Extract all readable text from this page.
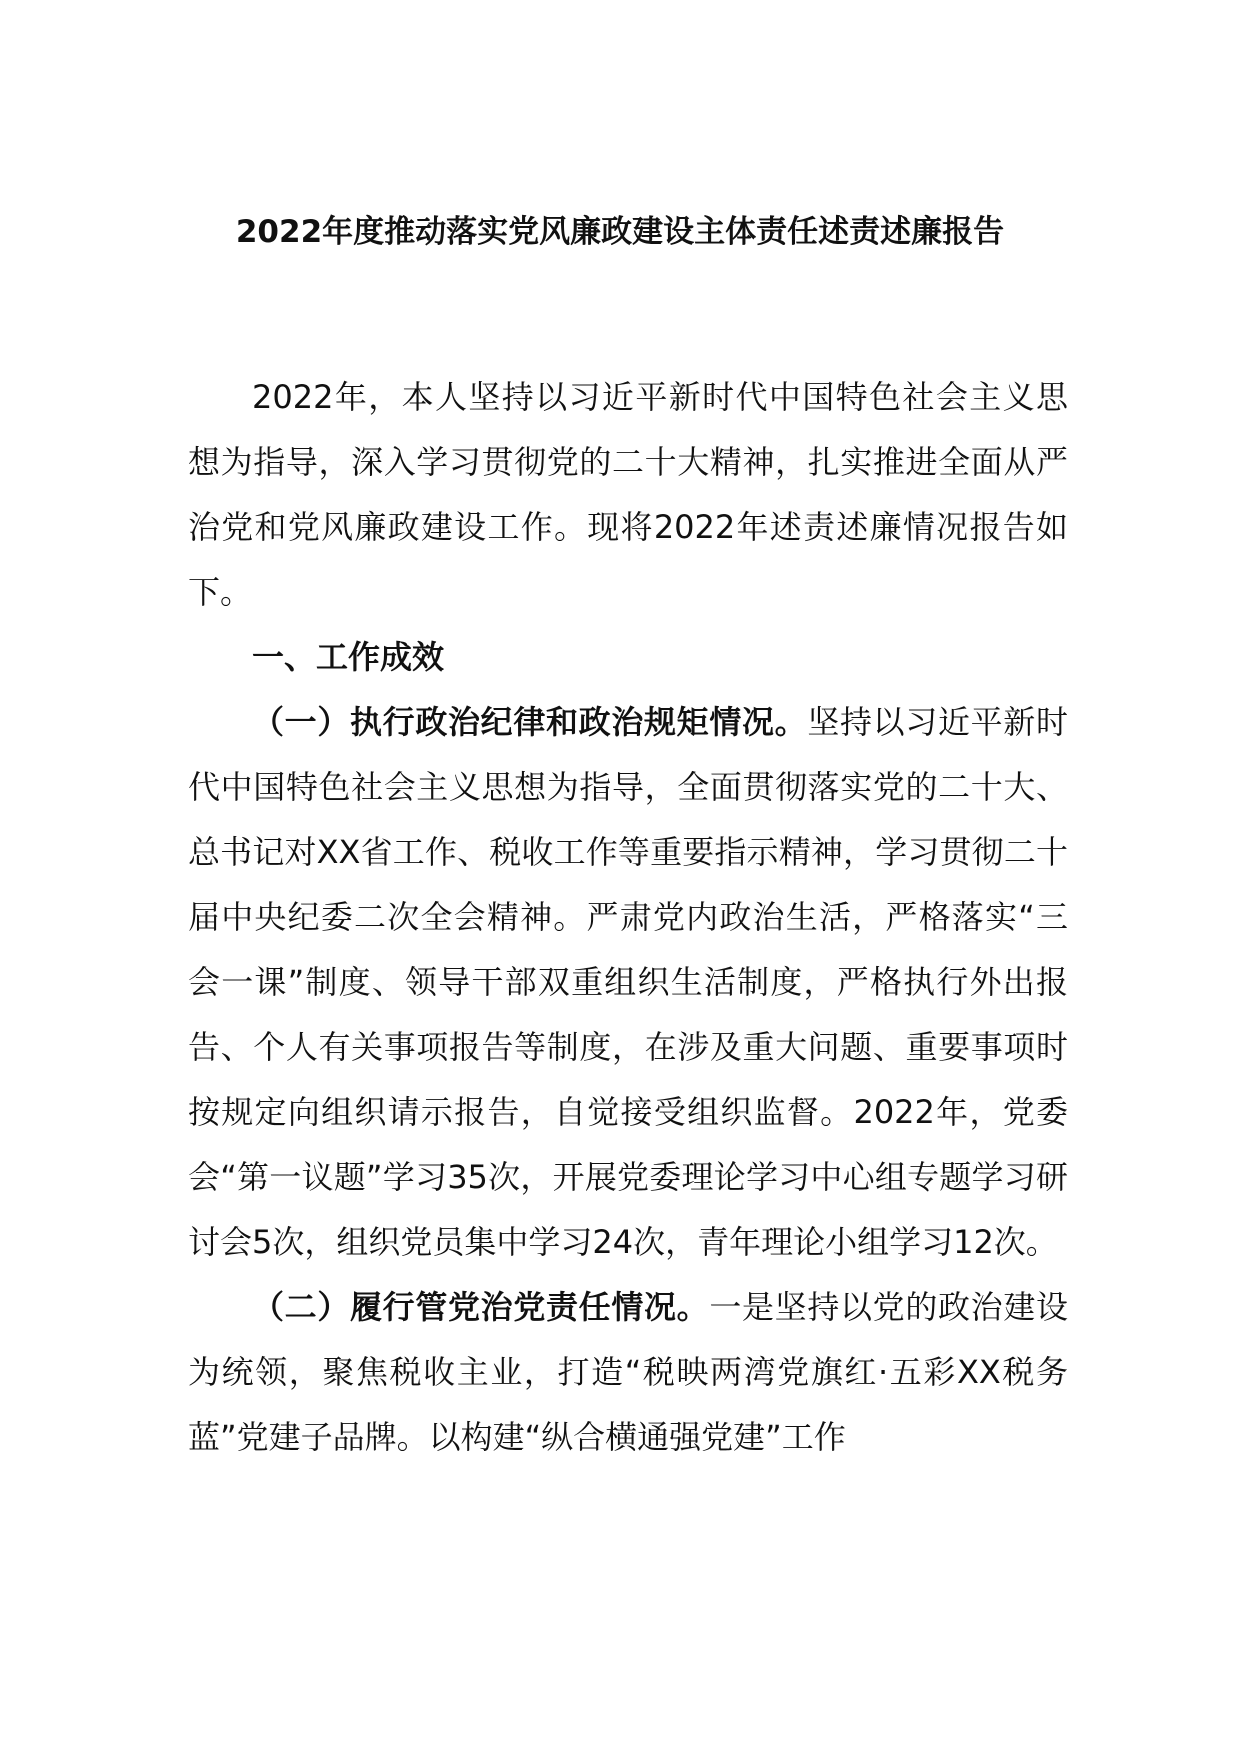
2022年度推动落实党风廉政建设主体责任述责述廉报告

2022年，本人坚持以习近平新时代中国特色社会主义思想为指导，深入学习贯彻党的二十大精神，扎实推进全面从严治党和党风廉政建设工作。现将2022年述责述廉情况报告如下。

一、工作成效

（一）执行政治纪律和政治规矩情况。坚持以习近平新时代中国特色社会主义思想为指导，全面贯彻落实党的二十大、总书记对XX省工作、税收工作等重要指示精神，学习贯彻二十届中央纪委二次全会精神。严肃党内政治生活，严格落实“三会一课”制度、领导干部双重组织生活制度，严格执行外出报告、个人有关事项报告等制度，在涉及重大问题、重要事项时按规定向组织请示报告，自觉接受组织监督。2022年，党委会“第一议题”学习35次，开展党委理论学习中心组专题学习研讨会5次，组织党员集中学习24次，青年理论小组学习12次。

（二）履行管党治党责任情况。一是坚持以党的政治建设为统领，聚焦税收主业，打造“税映两湾党旗红·五彩XX税务蓝”党建子品牌。以构建“纵合横通强党建”工作
